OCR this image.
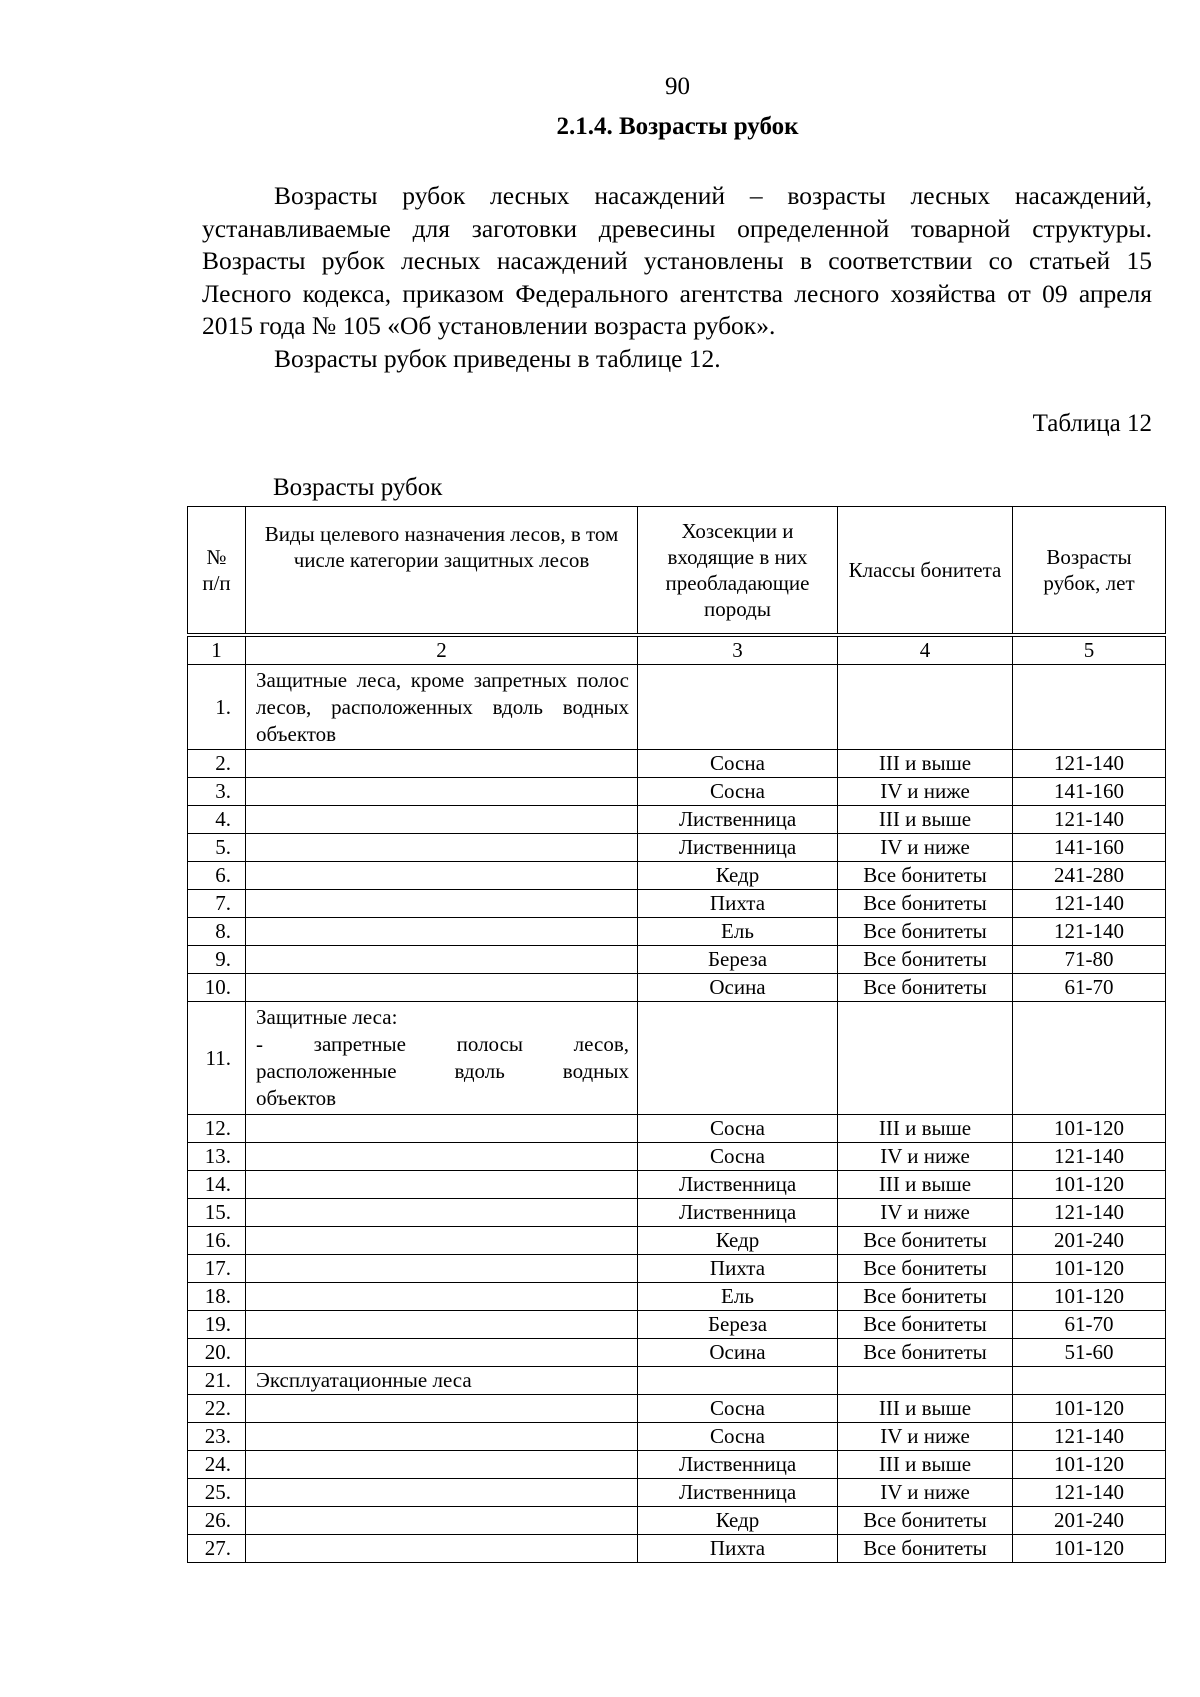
90
2.1.4. Возрасты рубок

Возрасты рубок лесных насаждений – возрасты лесных насаждений, устанавливаемые для заготовки древесины определенной товарной структуры. Возрасты рубок лесных насаждений установлены в соответствии со статьей 15 Лесного кодекса, приказом Федерального агентства лесного хозяйства от 09 апреля 2015 года № 105 «Об установлении возраста рубок».

Возрасты рубок приведены в таблице 12.

Таблица 12
Возрасты рубок
№
п/п	Виды целевого назначения лесов, в том числе категории защитных лесов	Хозсекции и входящие в них преобладающие породы	Классы бонитета	Возрасты рубок, лет
1	2	3	4	5
1.	Защитные леса, кроме запретных полос лесов, расположенных вдоль водных объектов			
2.		Сосна	III и выше	121-140
3.		Сосна	IV и ниже	141-160
4.		Лиственница	III и выше	121-140
5.		Лиственница	IV и ниже	141-160
6.		Кедр	Все бонитеты	241-280
7.		Пихта	Все бонитеты	121-140
8.		Ель	Все бонитеты	121-140
9.		Береза	Все бонитеты	71-80
10.		Осина	Все бонитеты	61-70
11.	Защитные леса:
- запретные полосы лесов,
расположенные вдоль водных
объектов			

12.		Сосна	III и выше	101-120
13.		Сосна	IV и ниже	121-140
14.		Лиственница	III и выше	101-120
15.		Лиственница	IV и ниже	121-140
16.		Кедр	Все бонитеты	201-240
17.		Пихта	Все бонитеты	101-120
18.		Ель	Все бонитеты	101-120
19.		Береза	Все бонитеты	61-70
20.		Осина	Все бонитеты	51-60
21.	Эксплуатационные леса			
22.		Сосна	III и выше	101-120
23.		Сосна	IV и ниже	121-140
24.		Лиственница	III и выше	101-120
25.		Лиственница	IV и ниже	121-140
26.		Кедр	Все бонитеты	201-240
27.		Пихта	Все бонитеты	101-120
